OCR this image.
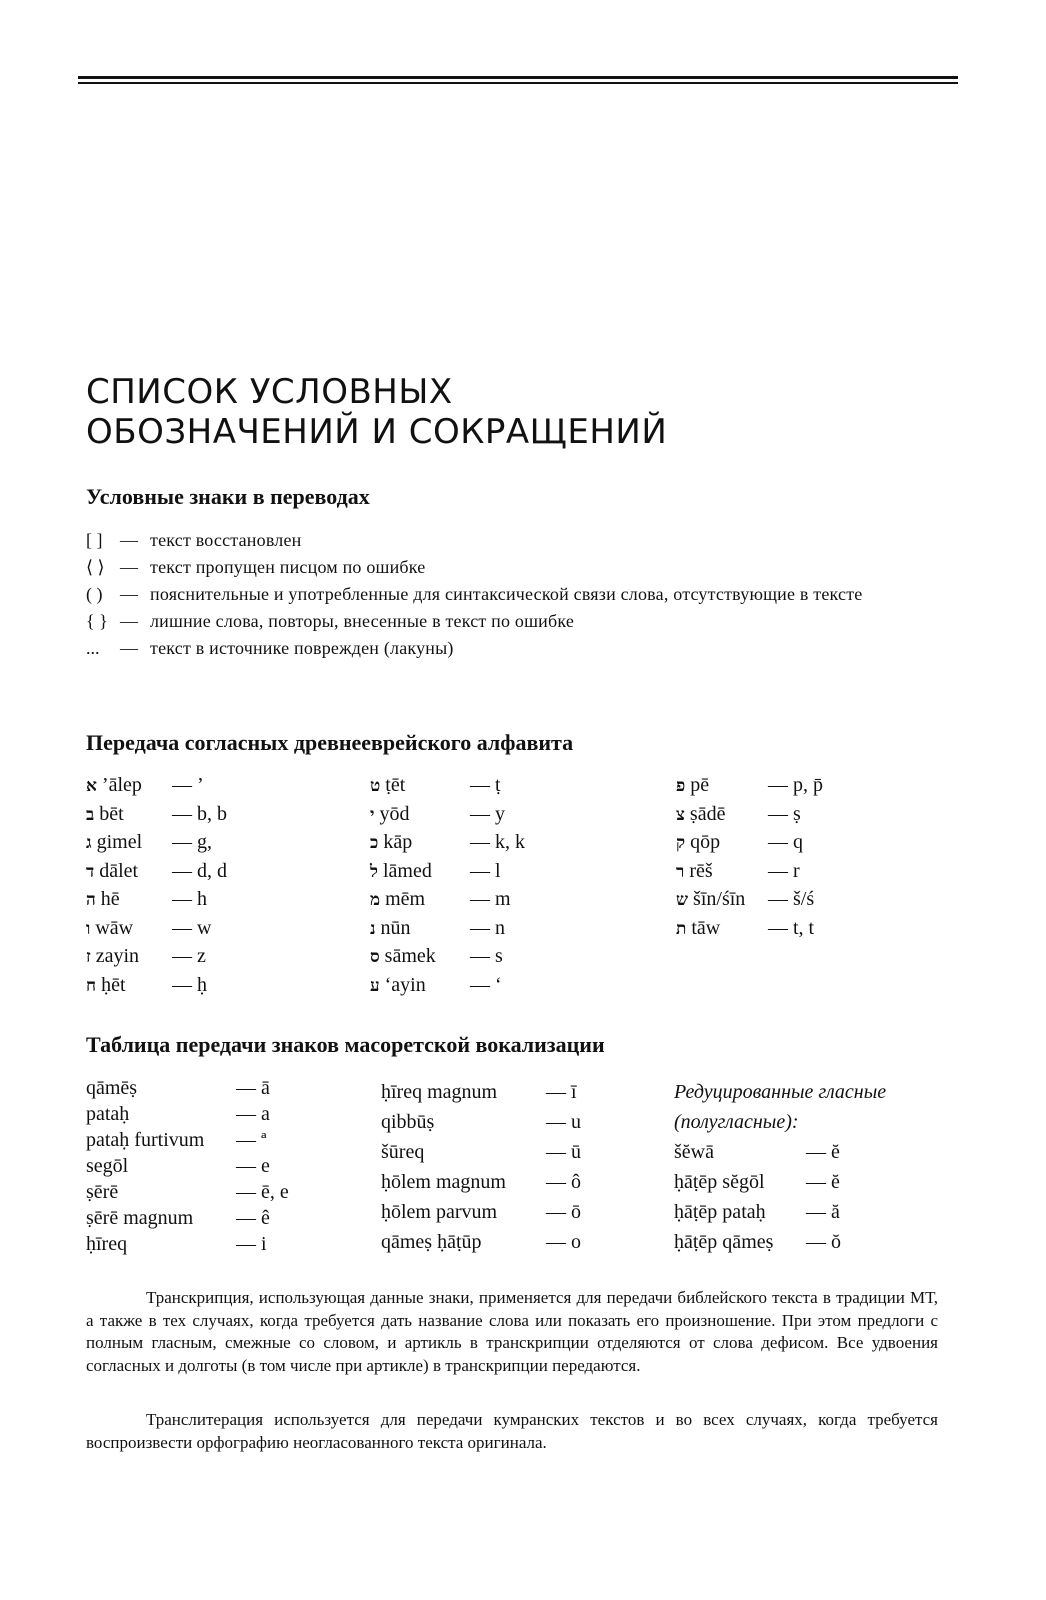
СПИСОК УСЛОВНЫХ
ОБОЗНАЧЕНИЙ И СОКРАЩЕНИЙ
Условные знаки в переводах
[ ] — текст восстановлен
⟨ ⟩ — текст пропущен писцом по ошибке
( ) — пояснительные и употребленные для синтаксической связи слова, отсутствующие в тексте
{ } — лишние слова, повторы, внесенные в текст по ошибке
...	— текст в источнике поврежден (лакуны)
Передача согласных древнееврейского алфавита
א ’ālep	— ’
ב bēt	— b, b
ג gimel	— g,
ד dālet	— d, d
ה hē	— h
ו wāw	— w
ז zayin	— z
ח ḥēt	— ḥ
ט ṭēt	— ṭ
י yōd	— y
כ kāp	— k, k
ל lāmed	— l
מ mēm	— m
נ nūn	— n
ס sāmek	— s
ע ‘ayin	— ‘
פ pē	— p, p̄
צ ṣādē	— ṣ
ק qōp	— q
ר rēš	— r
ש šīn/śīn	— š/ś
ת tāw	— t, t
Таблица передачи знаков масоретской вокализации
qāmēṣ	— ā
pataḥ	— a
pataḥ furtivum	— ª
segōl	— e
ṣērē	— ē, e
ṣērē magnum	— ê
ḥīreq	— i
ḥīreq magnum	— ī
qibbūṣ	— u
šūreq	— ū
ḥōlem magnum	— ô
ḥōlem parvum	— ō
qāmeṣ ḥāṭūp	— o
Редуцированные гласные (полугласные):
šĕwā	— ĕ
ḥāṭēp sĕgōl	— ĕ
ḥāṭēp pataḥ	— ă
ḥāṭēp qāmeṣ	— ŏ

Транскрипция, использующая данные знаки, применяется для передачи библейского текста в традиции МТ, а также в тех случаях, когда требуется дать название слова или показать его произношение. При этом предлоги с полным гласным, смежные со словом, и артикль в транскрипции отделяются от слова дефисом. Все удвоения согласных и долготы (в том числе при артикле) в транскрипции передаются.

Транслитерация используется для передачи кумранских текстов и во всех случаях, когда требуется воспроизвести орфографию неогласованного текста оригинала.
